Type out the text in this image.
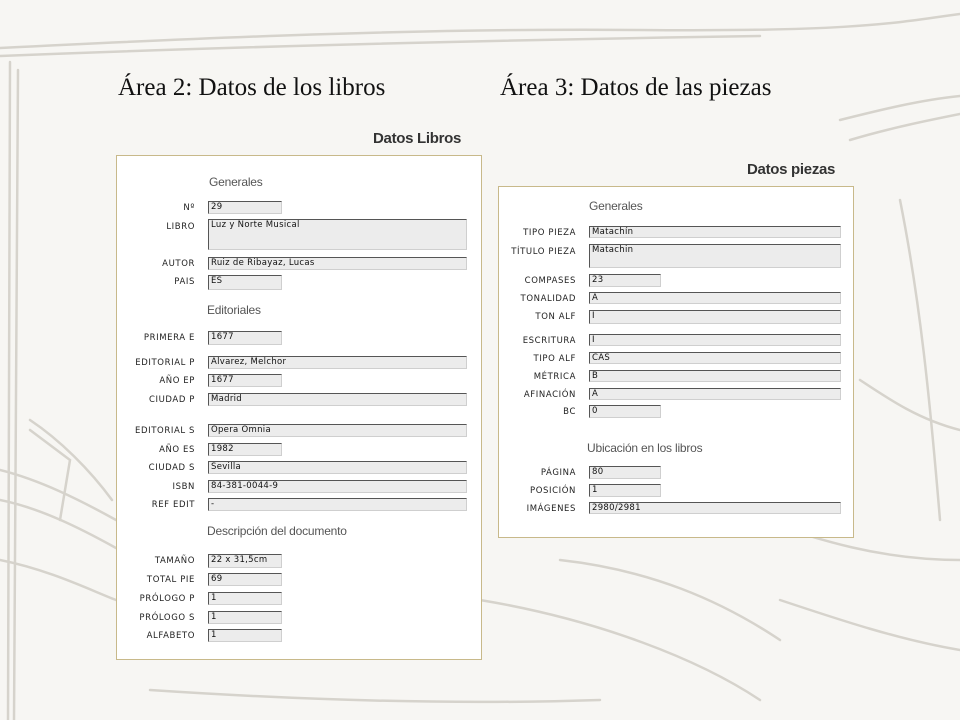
Área 2: Datos de los libros	Área 3: Datos de las piezas
Datos Libros
Generales
Editoriales
Descripción del documento
Nº	29
LIBRO	Luz y Norte Musical
AUTOR	Ruiz de Ribayaz, Lucas
PAIS	ES
PRIMERA E	1677
EDITORIAL P	Alvarez, Melchor
AÑO EP	1677
CIUDAD P	Madrid
EDITORIAL S	Opera Omnia
AÑO ES	1982
CIUDAD S	Sevilla
ISBN	84-381-0044-9
REF EDIT	-
TAMAÑO	22 x 31,5cm
TOTAL PIE	69
PRÓLOGO P	1
PRÓLOGO S	1
ALFABETO	1
Datos piezas
Generales
Ubicación en los libros
TIPO PIEZA	Matachín
TÍTULO PIEZA	Matachin
COMPASES	23
TONALIDAD	A
TON ALF	I
ESCRITURA	I
TIPO ALF	CAS
MÉTRICA	B
AFINACIÓN	A
BC	0
PÁGINA	80
POSICIÓN	1
IMÁGENES	2980/2981
